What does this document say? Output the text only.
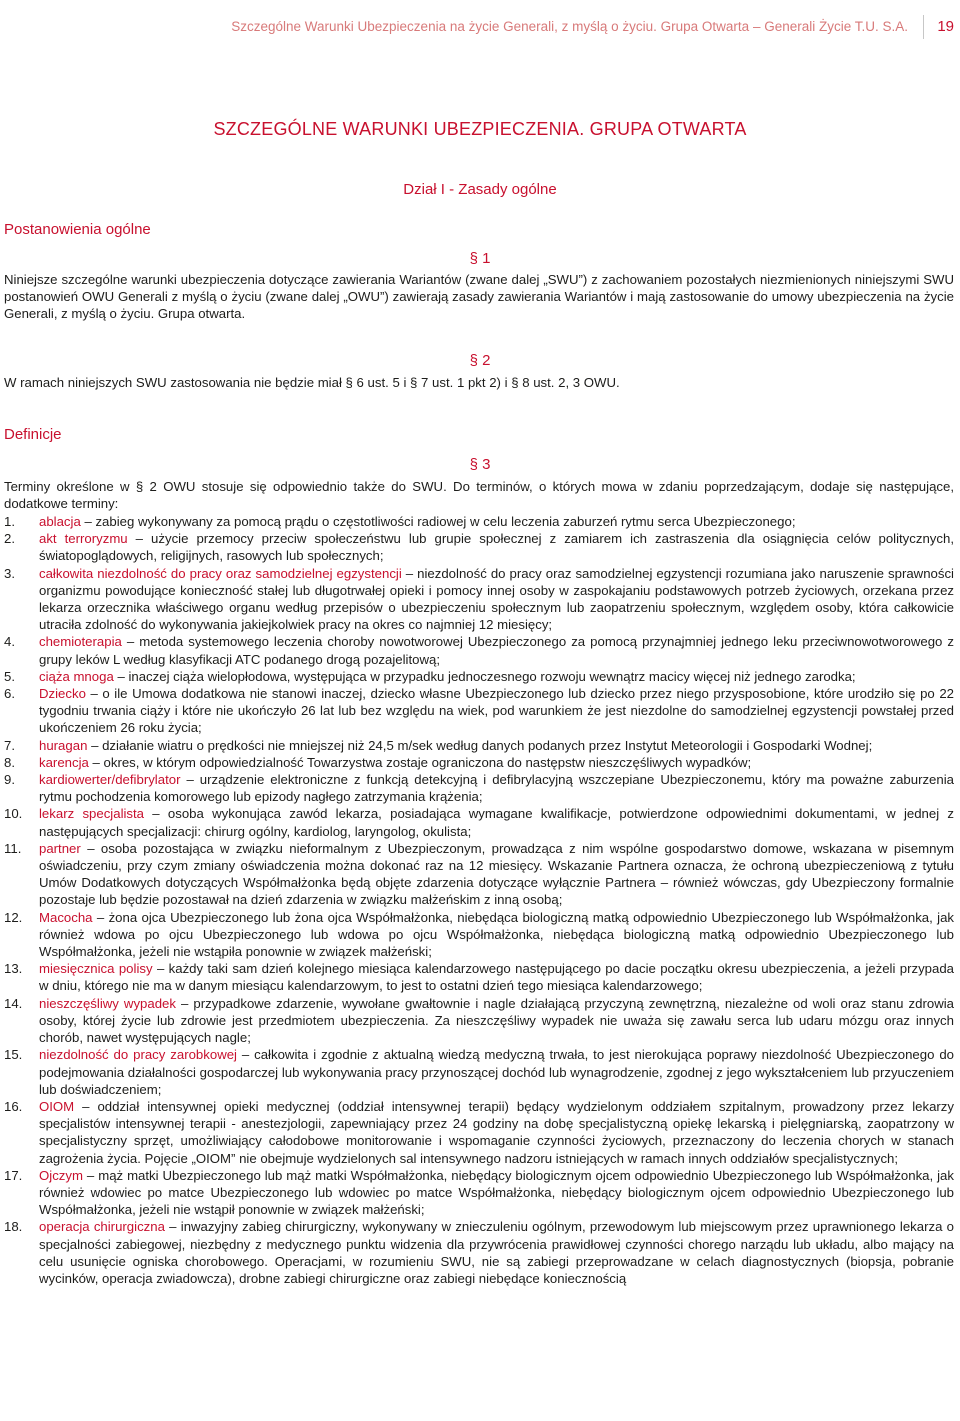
Szczególne Warunki Ubezpieczenia na życie Generali, z myślą o życiu. Grupa Otwarta – Generali Życie T.U. S.A. 19
SZCZEGÓLNE WARUNKI UBEZPIECZENIA. GRUPA OTWARTA
Dział I - Zasady ogólne
Postanowienia ogólne
§ 1
Niniejsze szczególne warunki ubezpieczenia dotyczące zawierania Wariantów (zwane dalej „SWU”) z zachowaniem pozostałych niezmienionych niniejszymi SWU postanowień OWU Generali z myślą o życiu (zwane dalej „OWU”) zawierają zasady zawierania Wariantów i mają zastosowanie do umowy ubezpieczenia na życie Generali, z myślą o życiu. Grupa otwarta.
§ 2
W ramach niniejszych SWU zastosowania nie będzie miał § 6 ust. 5 i § 7 ust. 1 pkt 2) i § 8 ust. 2, 3 OWU.
Definicje
§ 3
Terminy określone w § 2 OWU stosuje się odpowiednio także do SWU. Do terminów, o których mowa w zdaniu poprzedzającym, dodaje się następujące, dodatkowe terminy:
1. ablacja – zabieg wykonywany za pomocą prądu o częstotliwości radiowej w celu leczenia zaburzeń rytmu serca Ubezpieczonego;
2. akt terroryzmu – użycie przemocy przeciw społeczeństwu lub grupie społecznej z zamiarem ich zastraszenia dla osiągnięcia celów politycznych, światopoglądowych, religijnych, rasowych lub społecznych;
3. całkowita niezdolność do pracy oraz samodzielnej egzystencji – niezdolność do pracy oraz samodzielnej egzystencji rozumiana jako naruszenie sprawności organizmu powodujące konieczność stałej lub długotrwałej opieki i pomocy innej osoby w zaspokajaniu podstawowych potrzeb życiowych, orzekana przez lekarza orzecznika właściwego organu według przepisów o ubezpieczeniu społecznym lub zaopatrzeniu społecznym, względem osoby, która całkowicie utraciła zdolność do wykonywania jakiejkolwiek pracy na okres co najmniej 12 miesięcy;
4. chemioterapia – metoda systemowego leczenia choroby nowotworowej Ubezpieczonego za pomocą przynajmniej jednego leku przeciwnowotworowego z grupy leków L według klasyfikacji ATC podanego drogą pozajelitową;
5. ciąża mnoga – inaczej ciąża wielopłodowa, występująca w przypadku jednoczesnego rozwoju wewnątrz macicy więcej niż jednego zarodka;
6. Dziecko – o ile Umowa dodatkowa nie stanowi inaczej, dziecko własne Ubezpieczonego lub dziecko przez niego przysposobione, które urodziło się po 22 tygodniu trwania ciąży i które nie ukończyło 26 lat lub bez względu na wiek, pod warunkiem że jest niezdolne do samodzielnej egzystencji powstałej przed ukończeniem 26 roku życia;
7. huragan – działanie wiatru o prędkości nie mniejszej niż 24,5 m/sek według danych podanych przez Instytut Meteorologii i Gospodarki Wodnej;
8. karencja – okres, w którym odpowiedzialność Towarzystwa zostaje ograniczona do następstw nieszczęśliwych wypadków;
9. kardiowerter/defibrylator – urządzenie elektroniczne z funkcją detekcyjną i defibrylacyjną wszczepiane Ubezpieczonemu, który ma poważne zaburzenia rytmu pochodzenia komorowego lub epizody nagłego zatrzymania krążenia;
10. lekarz specjalista – osoba wykonująca zawód lekarza, posiadająca wymagane kwalifikacje, potwierdzone odpowiednimi dokumentami, w jednej z następujących specjalizacji: chirurg ogólny, kardiolog, laryngolog, okulista;
11. partner – osoba pozostająca w związku nieformalnym z Ubezpieczonym, prowadząca z nim wspólne gospodarstwo domowe, wskazana w pisemnym oświadczeniu, przy czym zmiany oświadczenia można dokonać raz na 12 miesięcy. Wskazanie Partnera oznacza, że ochroną ubezpieczeniową z tytułu Umów Dodatkowych dotyczących Współmałżonka będą objęte zdarzenia dotyczące wyłącznie Partnera – również wówczas, gdy Ubezpieczony formalnie pozostaje lub będzie pozostawał na dzień zdarzenia w związku małżeńskim z inną osobą;
12. Macocha – żona ojca Ubezpieczonego lub żona ojca Współmałżonka, niebędąca biologiczną matką odpowiednio Ubezpieczonego lub Współmałżonka, jak również wdowa po ojcu Ubezpieczonego lub wdowa po ojcu Współmałżonka, niebędąca biologiczną matką odpowiednio Ubezpieczonego lub Współmałżonka, jeżeli nie wstąpiła ponownie w związek małżeński;
13. miesięcznica polisy – każdy taki sam dzień kolejnego miesiąca kalendarzowego następującego po dacie początku okresu ubezpieczenia, a jeżeli przypada w dniu, którego nie ma w danym miesiącu kalendarzowym, to jest to ostatni dzień tego miesiąca kalendarzowego;
14. nieszczęśliwy wypadek – przypadkowe zdarzenie, wywołane gwałtownie i nagle działającą przyczyną zewnętrzną, niezależne od woli oraz stanu zdrowia osoby, której życie lub zdrowie jest przedmiotem ubezpieczenia. Za nieszczęśliwy wypadek nie uważa się zawału serca lub udaru mózgu oraz innych chorób, nawet występujących nagle;
15. niezdolność do pracy zarobkowej – całkowita i zgodnie z aktualną wiedzą medyczną trwała, to jest nierokująca poprawy niezdolność Ubezpieczonego do podejmowania działalności gospodarczej lub wykonywania pracy przynoszącej dochód lub wynagrodzenie, zgodnej z jego wykształceniem lub przyuczeniem lub doświadczeniem;
16. OIOM – oddział intensywnej opieki medycznej (oddział intensywnej terapii) będący wydzielonym oddziałem szpitalnym, prowadzony przez lekarzy specjalistów intensywnej terapii - anestezjologii, zapewniający przez 24 godziny na dobę specjalistyczną opiekę lekarską i pielęgniarską, zaopatrzony w specjalistyczny sprzęt, umożliwiający całodobowe monitorowanie i wspomaganie czynności życiowych, przeznaczony do leczenia chorych w stanach zagrożenia życia. Pojęcie „OIOM” nie obejmuje wydzielonych sal intensywnego nadzoru istniejących w ramach innych oddziałów specjalistycznych;
17. Ojczym – mąż matki Ubezpieczonego lub mąż matki Współmałżonka, niebędący biologicznym ojcem odpowiednio Ubezpieczonego lub Współmałżonka, jak również wdowiec po matce Ubezpieczonego lub wdowiec po matce Współmałżonka, niebędący biologicznym ojcem odpowiednio Ubezpieczonego lub Współmałżonka, jeżeli nie wstąpił ponownie w związek małżeński;
18. operacja chirurgiczna – inwazyjny zabieg chirurgiczny, wykonywany w znieczuleniu ogólnym, przewodowym lub miejscowym przez uprawnionego lekarza o specjalności zabiegowej, niezbędny z medycznego punktu widzenia dla przywrócenia prawidłowej czynności chorego narządu lub układu, albo mający na celu usunięcie ogniska chorobowego. Operacjami, w rozumieniu SWU, nie są zabiegi przeprowadzane w celach diagnostycznych (biopsja, pobranie wycinków, operacja zwiadowcza), drobne zabiegi chirurgiczne oraz zabiegi niebędące koniecznością
